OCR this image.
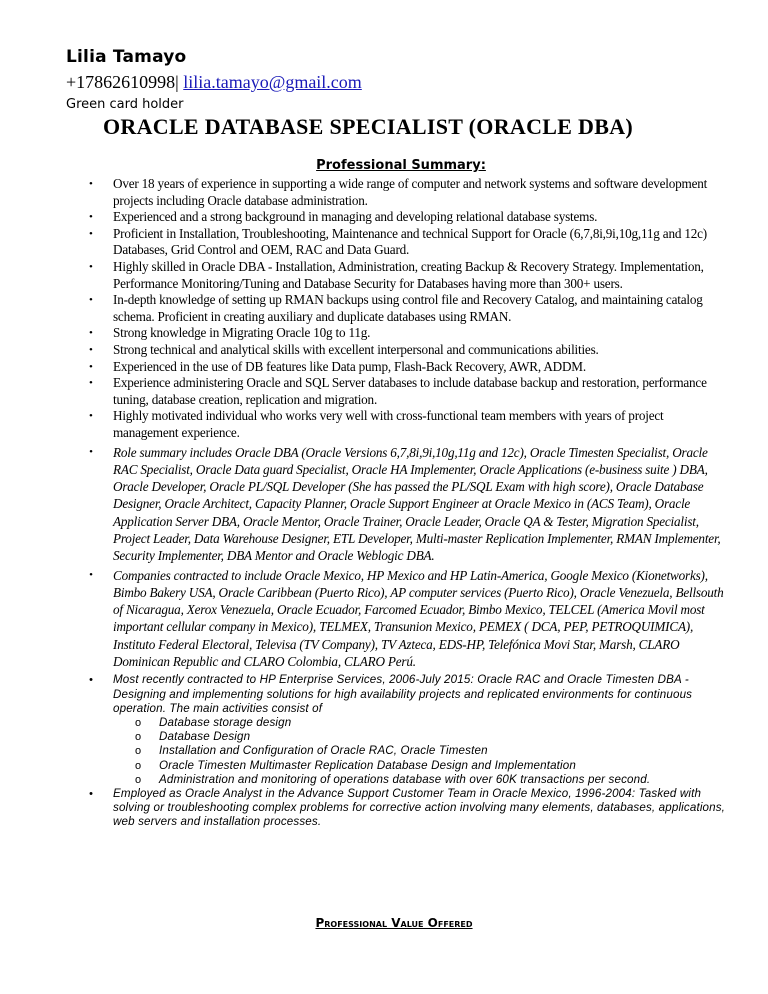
Lilia Tamayo
+17862610998| lilia.tamayo@gmail.com
Green card holder
ORACLE DATABASE SPECIALIST (ORACLE DBA)
Professional Summary:
• Over 18 years of experience in supporting a wide range of computer and network systems and software development projects including Oracle database administration.
• Experienced and a strong background in managing and developing relational database systems.
• Proficient in Installation, Troubleshooting, Maintenance and technical Support for Oracle (6,7,8i,9i,10g,11g and 12c) Databases, Grid Control and OEM, RAC and Data Guard.
• Highly skilled in Oracle DBA - Installation, Administration, creating Backup & Recovery Strategy. Implementation, Performance Monitoring/Tuning and Database Security for Databases having more than 300+ users.
• In-depth knowledge of setting up RMAN backups using control file and Recovery Catalog, and maintaining catalog schema. Proficient in creating auxiliary and duplicate databases using RMAN.
• Strong knowledge in Migrating Oracle 10g to 11g.
• Strong technical and analytical skills with excellent interpersonal and communications abilities.
• Experienced in the use of DB features like Data pump, Flash-Back Recovery, AWR, ADDM.
• Experience administering Oracle and SQL Server databases to include database backup and restoration, performance tuning, database creation, replication and migration.
• Highly motivated individual who works very well with cross-functional team members with years of project management experience.
• Role summary includes Oracle DBA (Oracle Versions 6,7,8i,9i,10g,11g and 12c), Oracle Timesten Specialist, Oracle RAC Specialist, Oracle Data guard Specialist, Oracle HA Implementer, Oracle Applications (e-business suite ) DBA, Oracle Developer, Oracle PL/SQL Developer (She has passed the PL/SQL Exam with high score), Oracle Database Designer, Oracle Architect, Capacity Planner, Oracle Support Engineer at Oracle Mexico in (ACS Team), Oracle Application Server DBA, Oracle Mentor, Oracle Trainer, Oracle Leader, Oracle QA & Tester, Migration Specialist, Project Leader, Data Warehouse Designer, ETL Developer, Multi-master Replication Implementer, RMAN Implementer, Security Implementer, DBA Mentor and Oracle Weblogic DBA.
• Companies contracted to include Oracle Mexico, HP Mexico and HP Latin-America, Google Mexico (Kionetworks), Bimbo Bakery USA, Oracle Caribbean (Puerto Rico), AP computer services (Puerto Rico), Oracle Venezuela, Bellsouth of Nicaragua, Xerox Venezuela, Oracle Ecuador, Farcomed Ecuador, Bimbo Mexico, TELCEL (America Movil most important cellular company in Mexico), TELMEX, Transunion Mexico, PEMEX ( DCA, PEP, PETROQUIMICA), Instituto Federal Electoral, Televisa (TV Company), TV Azteca, EDS-HP, Telefónica Movi Star, Marsh, CLARO Dominican Republic and CLARO Colombia, CLARO Perú.
• Most recently contracted to HP Enterprise Services, 2006-July 2015: Oracle RAC and Oracle Timesten DBA - Designing and implementing solutions for high availability projects and replicated environments for continuous operation. The main activities consist of
o Database storage design
o Database Design
o Installation and Configuration of Oracle RAC, Oracle Timesten
o Oracle Timesten Multimaster Replication Database Design and Implementation
o Administration and monitoring of operations database with over 60K transactions per second.
• Employed as Oracle Analyst in the Advance Support Customer Team in Oracle Mexico, 1996-2004: Tasked with solving or troubleshooting complex problems for corrective action involving many elements, databases, applications, web servers and installation processes.
Professional Value Offered
